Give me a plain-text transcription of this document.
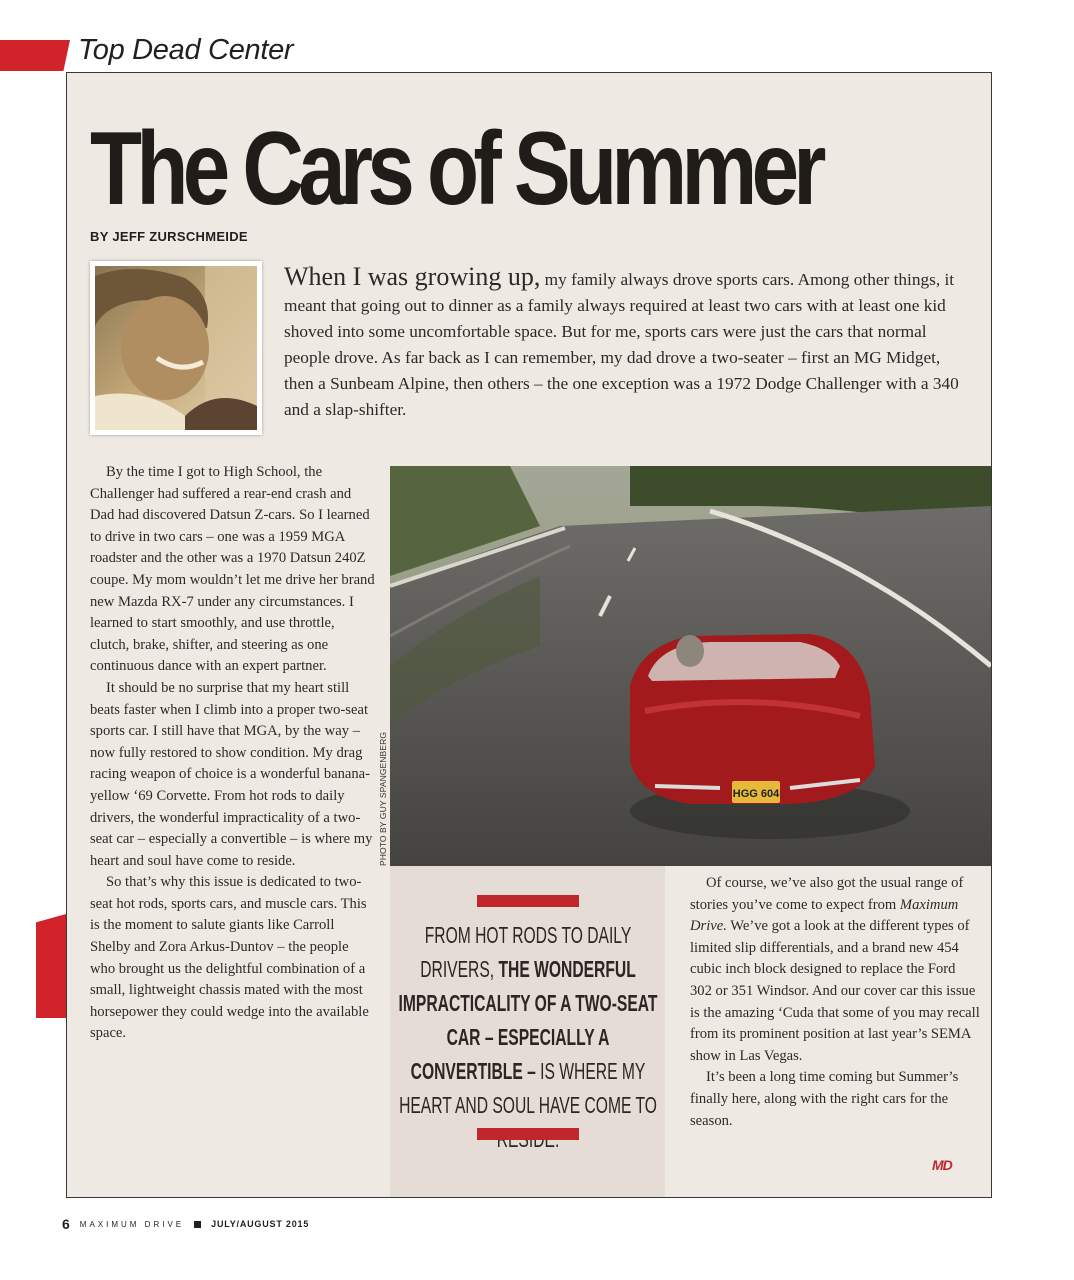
Top Dead Center
The Cars of Summer
BY JEFF ZURSCHMEIDE
When I was growing up, my family always drove sports cars. Among other things, it meant that going out to dinner as a family always required at least two cars with at least one kid shoved into some uncomfortable space. But for me, sports cars were just the cars that normal people drove. As far back as I can remember, my dad drove a two-seater – first an MG Midget, then a Sunbeam Alpine, then others – the one exception was a 1972 Dodge Challenger with a 340 and a slap-shifter.

By the time I got to High School, the Challenger had suffered a rear-end crash and Dad had discovered Datsun Z-cars. So I learned to drive in two cars – one was a 1959 MGA roadster and the other was a 1970 Datsun 240Z coupe. My mom wouldn’t let me drive her brand new Mazda RX-7 under any circumstances. I learned to start smoothly, and use throttle, clutch, brake, shifter, and steering as one continuous dance with an expert partner.

It should be no surprise that my heart still beats faster when I climb into a proper two-seat sports car. I still have that MGA, by the way – now fully restored to show condition. My drag racing weapon of choice is a wonderful banana-yellow ‘69 Corvette. From hot rods to daily drivers, the wonderful impracticality of a two-seat car – especially a convertible – is where my heart and soul have come to reside.

So that’s why this issue is dedicated to two-seat hot rods, sports cars, and muscle cars. This is the moment to salute giants like Carroll Shelby and Zora Arkus-Duntov – the people who brought us the delightful combination of a small, lightweight chassis mated with the most horsepower they could wedge into the available space.

HGG 604
PHOTO BY GUY SPANGENBERG
FROM HOT RODS TO DAILY DRIVERS, THE WONDERFUL IMPRACTICALITY OF A TWO-SEAT CAR – ESPECIALLY A CONVERTIBLE – IS WHERE MY HEART AND SOUL HAVE COME TO

Of course, we’ve also got the usual range of stories you’ve come to expect from Maximum Drive. We’ve got a look at the different types of limited slip differentials, and a brand new 454 cubic inch block designed to replace the Ford 302 or 351 Windsor. And our cover car this issue is the amazing ‘Cuda that some of you may recall from its prominent position at last year’s SEMA show in Las Vegas.

It’s been a long time coming but Summer’s finally here, along with the right cars for the season.

MD
6 MAXIMUM DRIVE	JULY/AUGUST 2015
